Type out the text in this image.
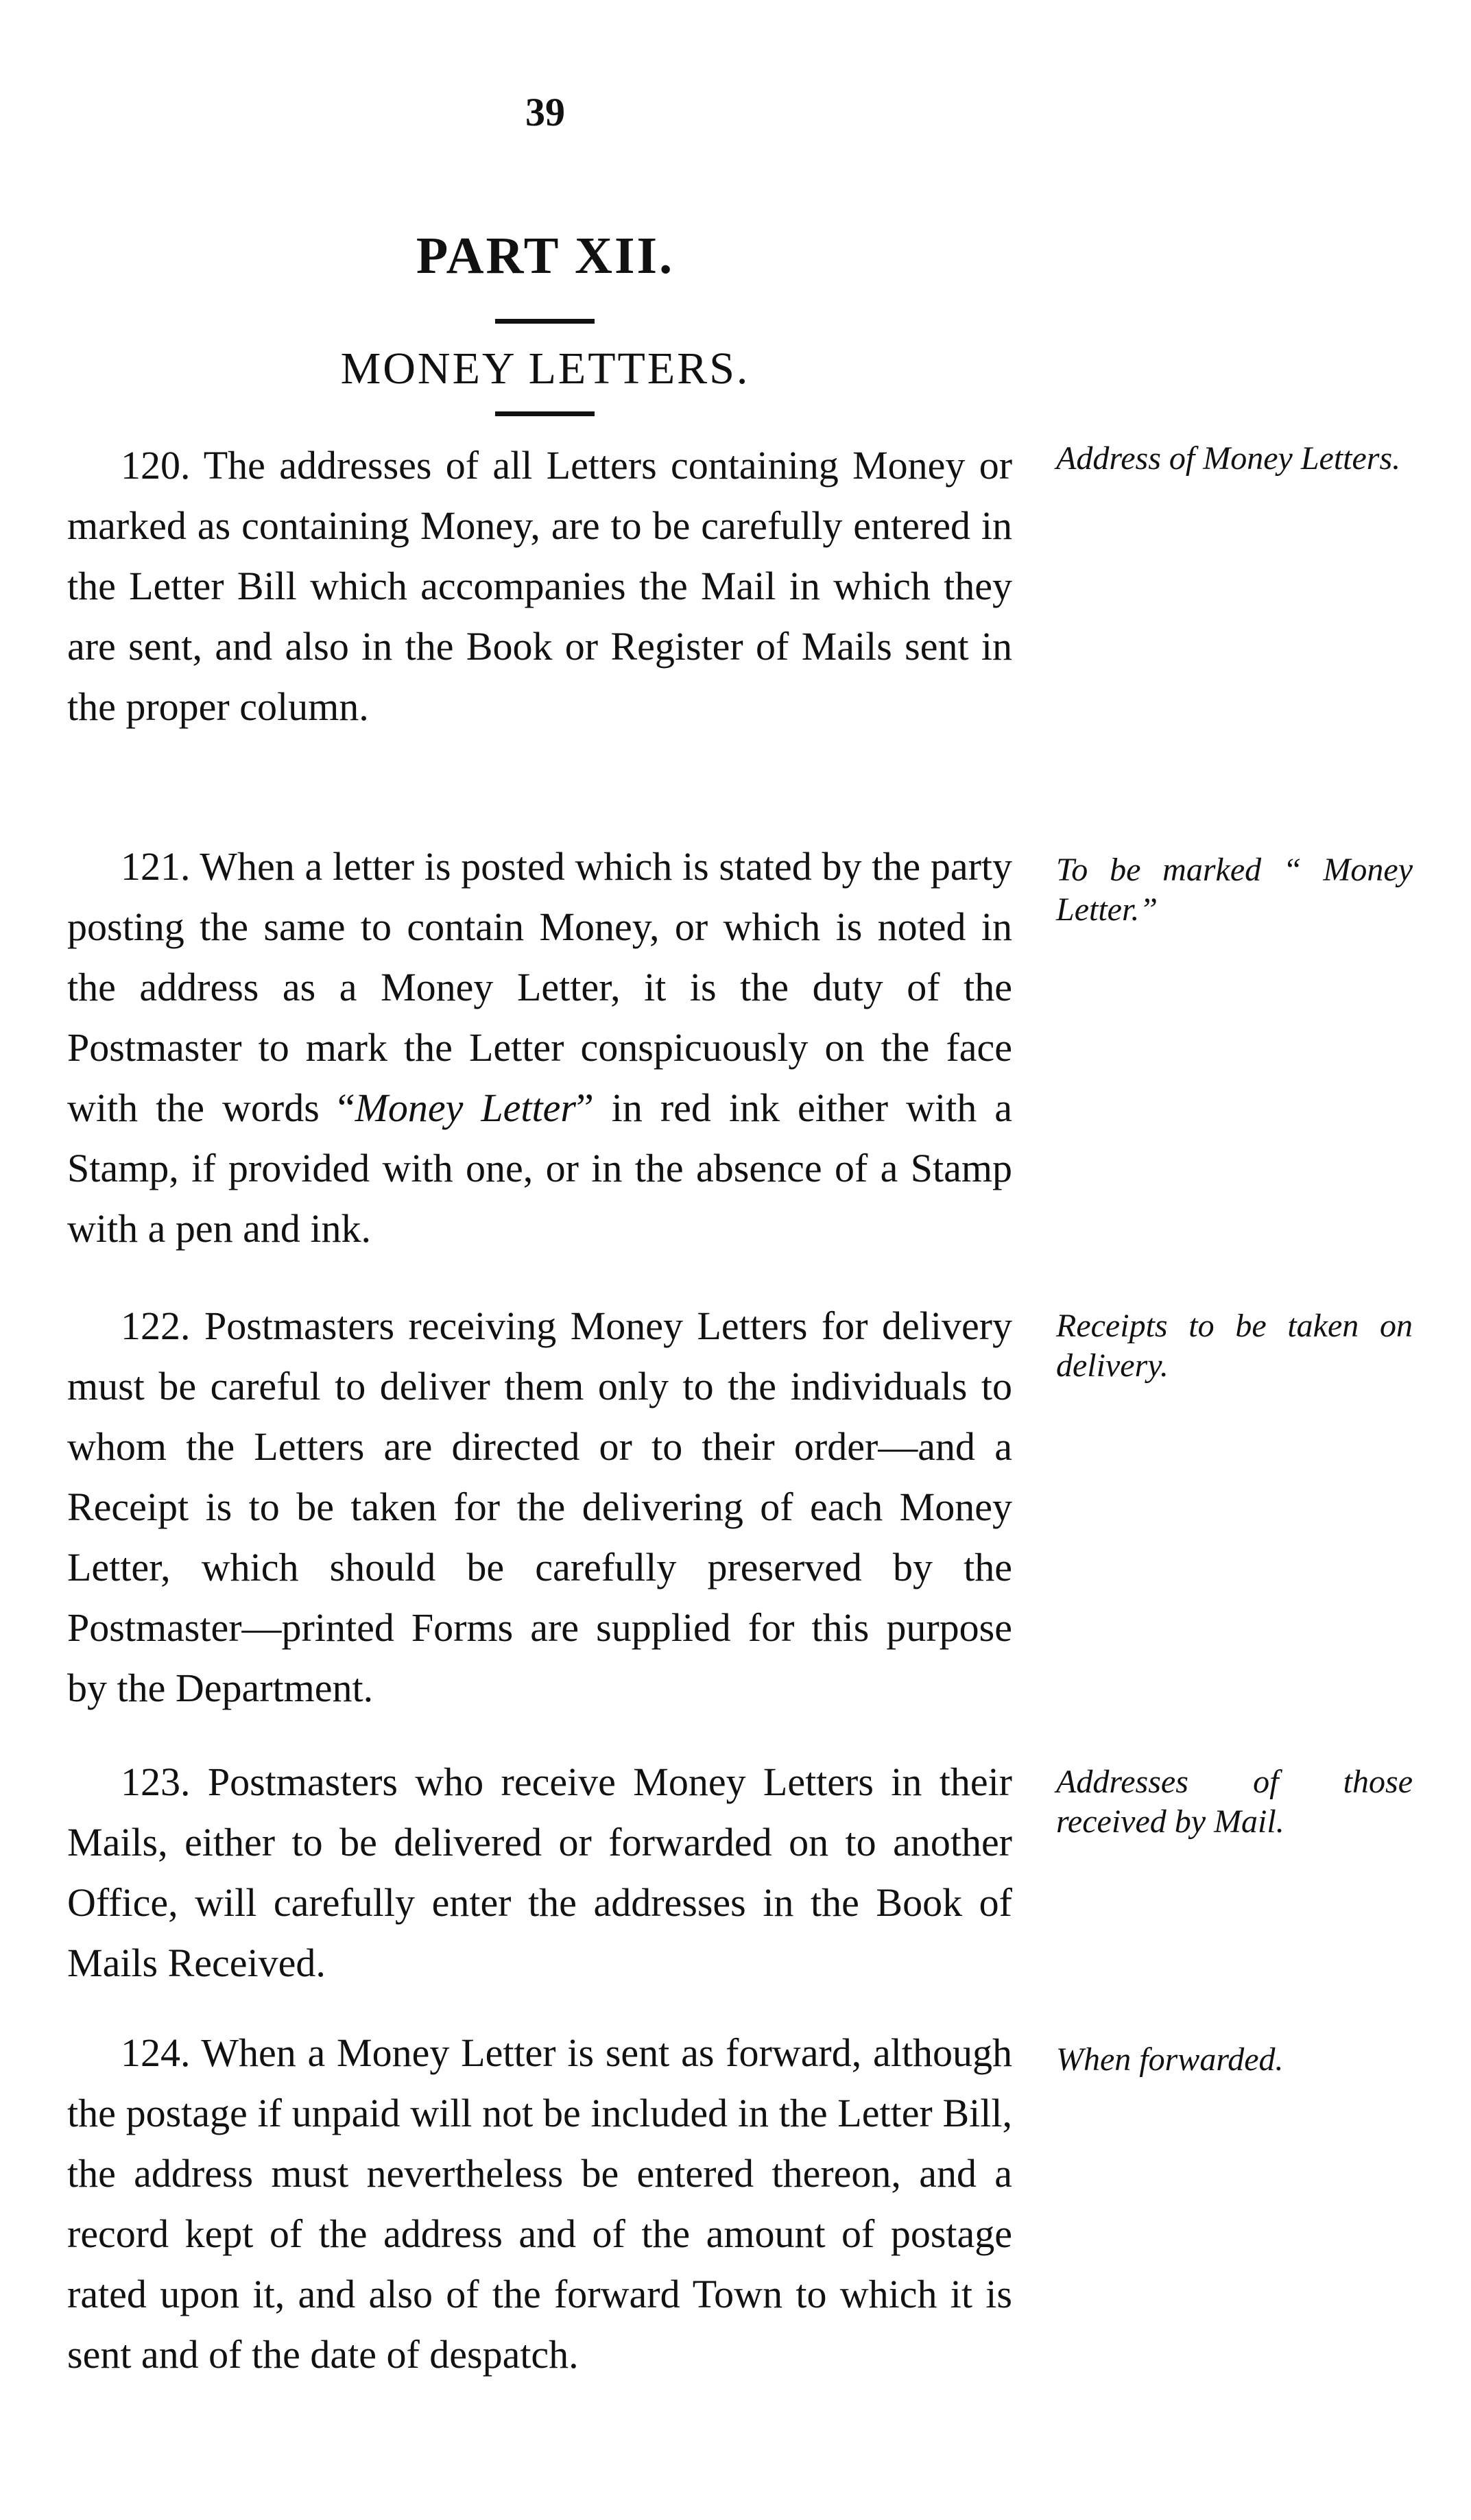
39
PART XII.
MONEY LETTERS.
120. The addresses of all Letters containing Money or marked as containing Money, are to be carefully entered in the Letter Bill which accompanies the Mail in which they are sent, and also in the Book or Register of Mails sent in the proper column.
Address of Money Letters.
121. When a letter is posted which is stated by the party posting the same to contain Money, or which is noted in the address as a Money Letter, it is the duty of the Postmaster to mark the Letter conspicuously on the face with the words “Money Letter” in red ink either with a Stamp, if provided with one, or in the absence of a Stamp with a pen and ink.
To be marked “ Money Letter.”
122. Postmasters receiving Money Letters for delivery must be careful to deliver them only to the individuals to whom the Letters are directed or to their order—and a Receipt is to be taken for the delivering of each Money Letter, which should be carefully preserved by the Postmaster—printed Forms are supplied for this purpose by the Department.
Receipts to be taken on delivery.
123. Postmasters who receive Money Letters in their Mails, either to be delivered or forwarded on to another Office, will carefully enter the addresses in the Book of Mails Received.
Addresses of those received by Mail.
124. When a Money Letter is sent as forward, although the postage if unpaid will not be included in the Letter Bill, the address must nevertheless be entered thereon, and a record kept of the address and of the amount of postage rated upon it, and also of the forward Town to which it is sent and of the date of despatch.
When forwarded.
